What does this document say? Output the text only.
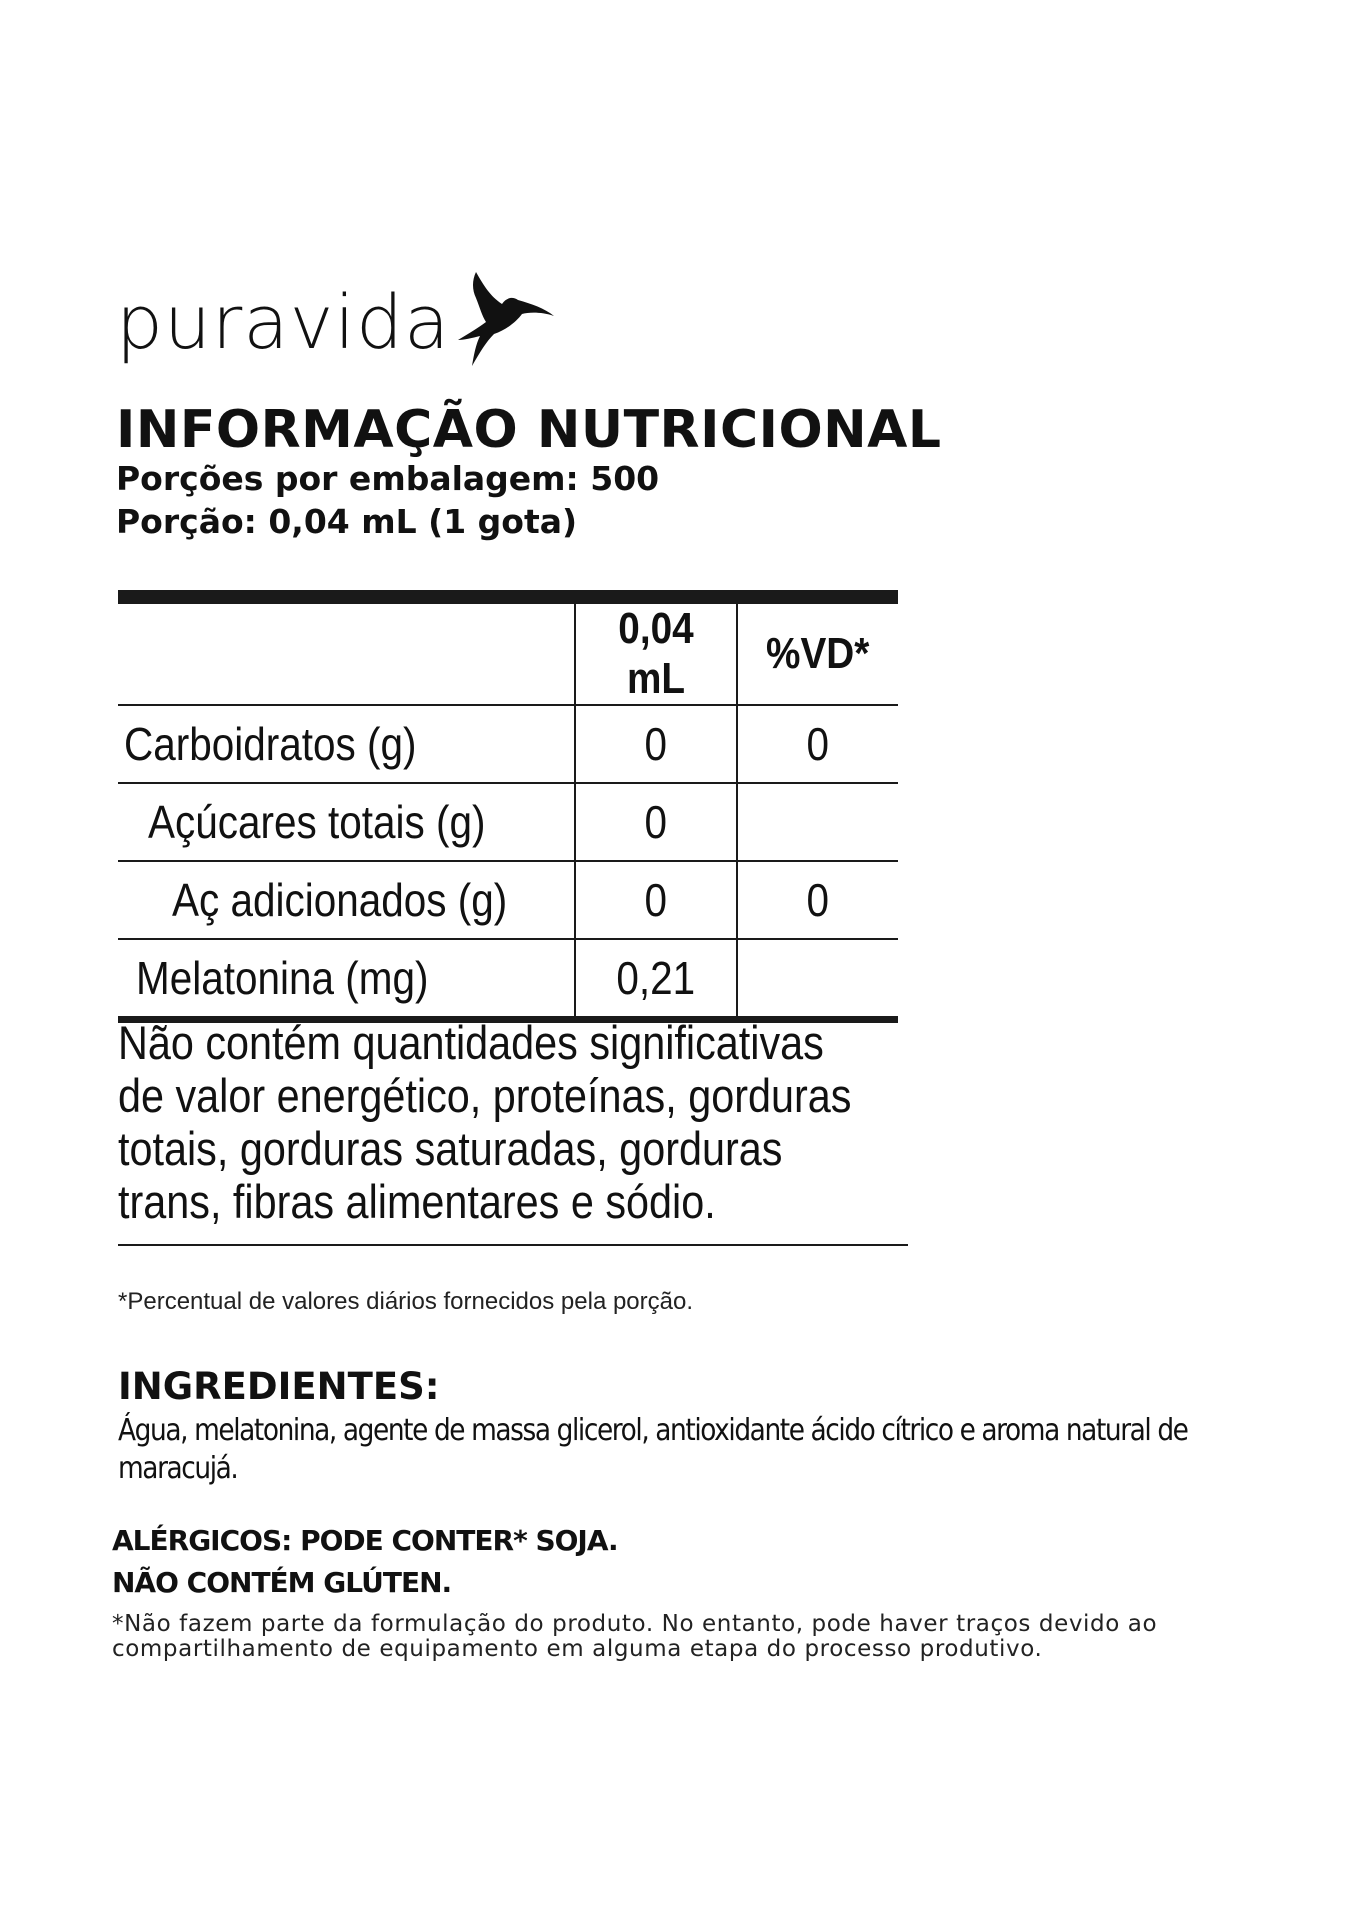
puravida
INFORMAÇÃO NUTRICIONAL
Porções por embalagem: 500
Porção: 0,04 mL (1 gota)
	0,04 mL	%VD*
Carboidratos (g)	0	0
Açúcares totais (g)	0	
Aç adicionados (g)	0	0
Melatonina (mg)	0,21	
Não contém quantidades significativas
de valor energético, proteínas, gorduras
totais, gorduras saturadas, gorduras
trans, fibras alimentares e sódio.
*Percentual de valores diários fornecidos pela porção.
INGREDIENTES:
Água, melatonina, agente de massa glicerol, antioxidante ácido cítrico e aroma natural de maracujá.
ALÉRGICOS: PODE CONTER* SOJA.
NÃO CONTÉM GLÚTEN.
*Não fazem parte da formulação do produto. No entanto, pode haver traços devido ao compartilhamento de equipamento em alguma etapa do processo produtivo.
